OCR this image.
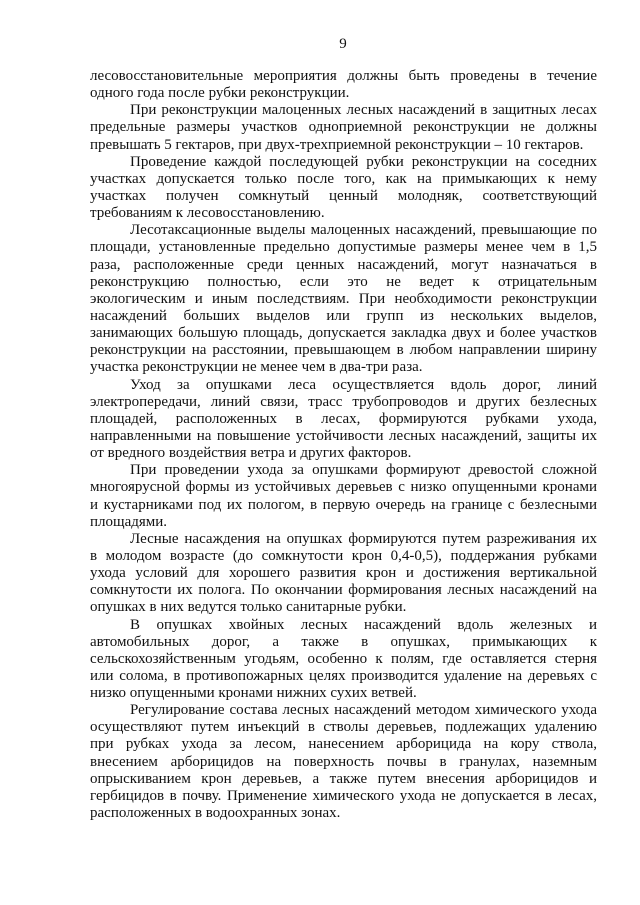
9
лесовосстановительные мероприятия должны быть проведены в течение
одного года после рубки реконструкции.
При реконструкции малоценных лесных насаждений в защитных лесах
предельные размеры участков одноприемной реконструкции не должны
превышать 5 гектаров, при двух-трехприемной реконструкции – 10 гектаров.
Проведение каждой последующей рубки реконструкции на соседних
участках допускается только после того, как на примыкающих к нему
участках получен сомкнутый ценный молодняк, соответствующий
требованиям к лесовосстановлению.
Лесотаксационные выделы малоценных насаждений, превышающие по
площади, установленные предельно допустимые размеры менее чем в 1,5
раза, расположенные среди ценных насаждений, могут назначаться в
реконструкцию полностью, если это не ведет к отрицательным
экологическим и иным последствиям. При необходимости реконструкции
насаждений больших выделов или групп из нескольких выделов,
занимающих большую площадь, допускается закладка двух и более участков
реконструкции на расстоянии, превышающем в любом направлении ширину
участка реконструкции не менее чем в два-три раза.
Уход за опушками леса осуществляется вдоль дорог, линий
электропередачи, линий связи, трасс трубопроводов и других безлесных
площадей, расположенных в лесах, формируются рубками ухода,
направленными на повышение устойчивости лесных насаждений, защиты их
от вредного воздействия ветра и других факторов.
При проведении ухода за опушками формируют древостой сложной
многоярусной формы из устойчивых деревьев с низко опущенными кронами
и кустарниками под их пологом, в первую очередь на границе с безлесными
площадями.
Лесные насаждения на опушках формируются путем разреживания их
в молодом возрасте (до сомкнутости крон 0,4-0,5), поддержания рубками
ухода условий для хорошего развития крон и достижения вертикальной
сомкнутости их полога. По окончании формирования лесных насаждений на
опушках в них ведутся только санитарные рубки.
В опушках хвойных лесных насаждений вдоль железных и
автомобильных дорог, а также в опушках, примыкающих к
сельскохозяйственным угодьям, особенно к полям, где оставляется стерня
или солома, в противопожарных целях производится удаление на деревьях с
низко опущенными кронами нижних сухих ветвей.
Регулирование состава лесных насаждений методом химического ухода
осуществляют путем инъекций в стволы деревьев, подлежащих удалению
при рубках ухода за лесом, нанесением арборицида на кору ствола,
внесением арборицидов на поверхность почвы в гранулах, наземным
опрыскиванием крон деревьев, а также путем внесения арборицидов и
гербицидов в почву. Применение химического ухода не допускается в лесах,
расположенных в водоохранных зонах.
